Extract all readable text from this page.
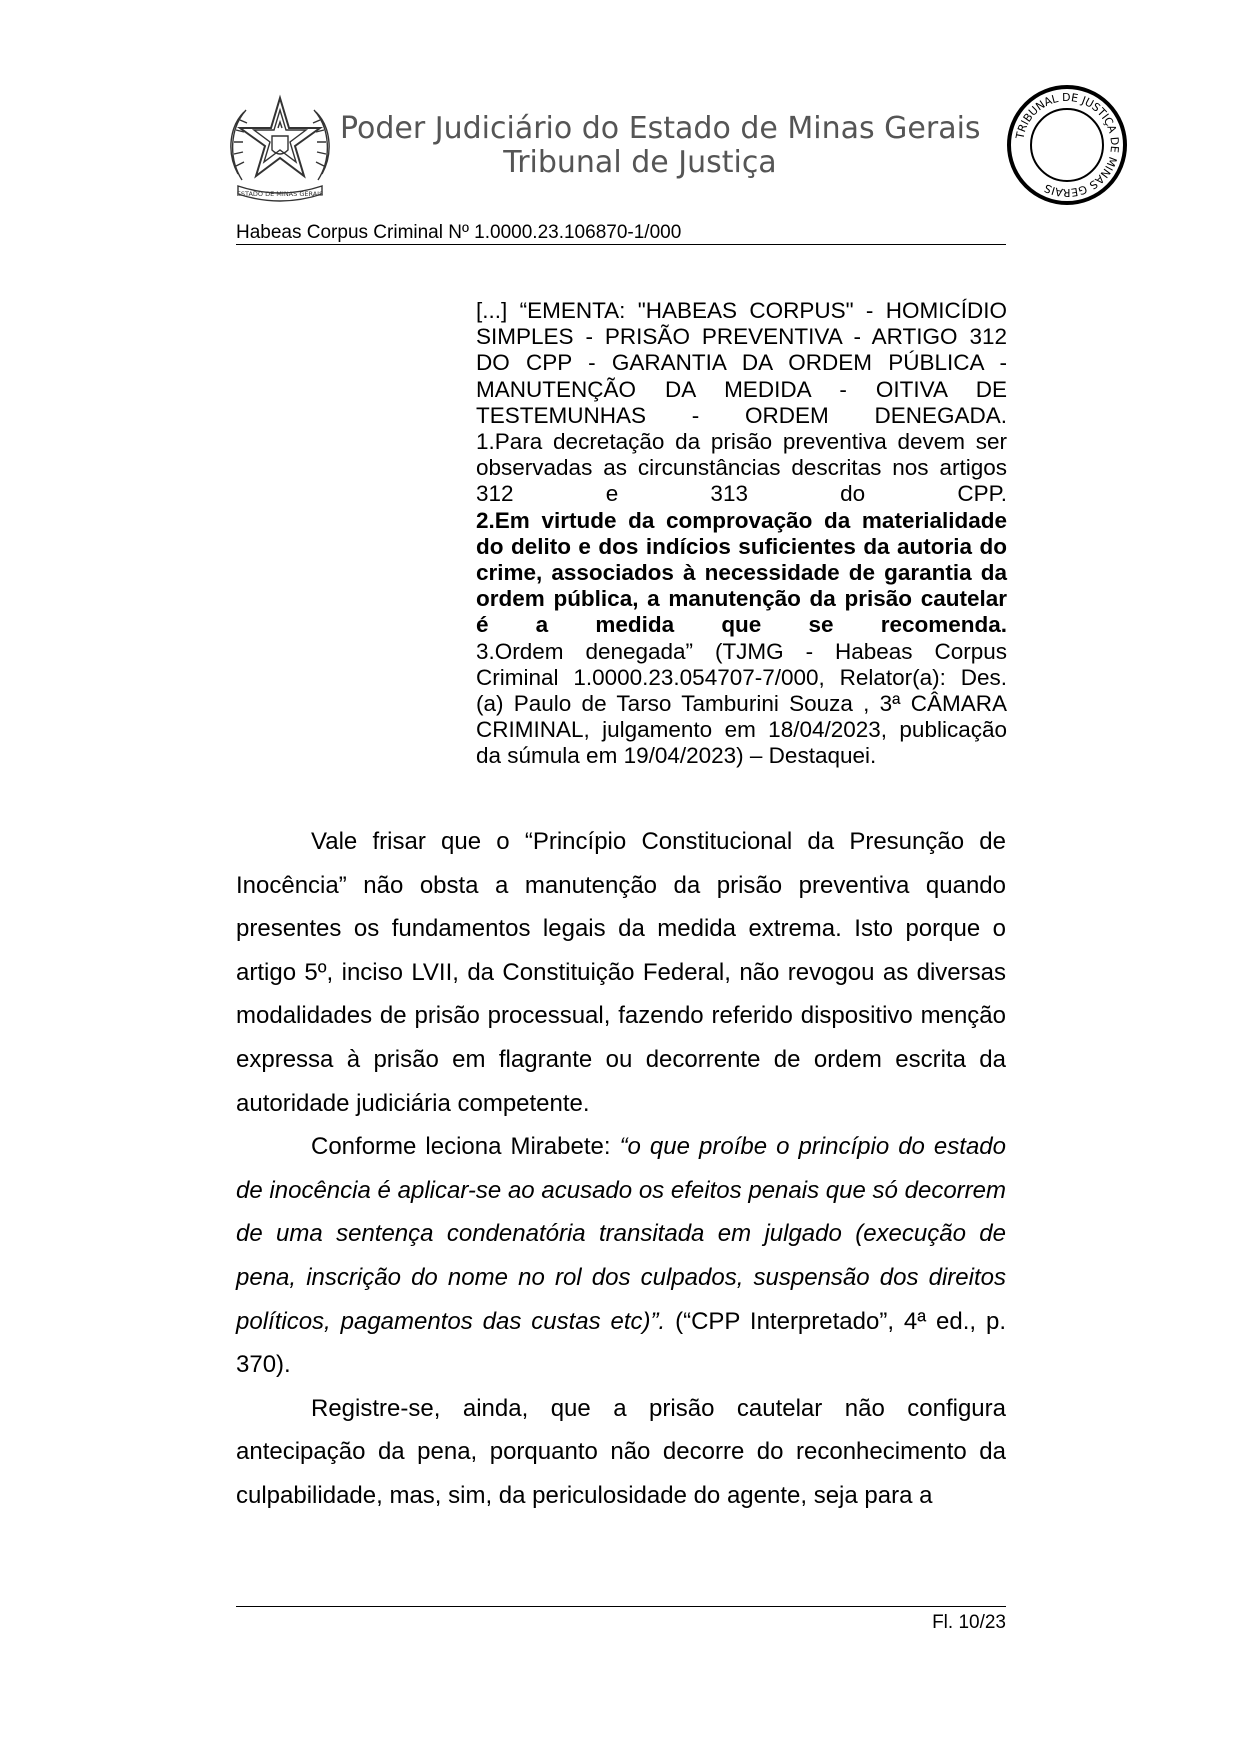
ESTADO DE MINAS GERAIS
Poder Judiciário do Estado de Minas Gerais
Tribunal de Justiça
TRIBUNAL DE JUSTIÇA DE MINAS GERAIS
Habeas Corpus Criminal Nº 1.0000.23.106870-1/000

[...] “EMENTA: "HABEAS CORPUS" - HOMICÍDIO SIMPLES - PRISÃO PREVENTIVA - ARTIGO 312 DO CPP - GARANTIA DA ORDEM PÚBLICA - MANUTENÇÃO DA MEDIDA - OITIVA DE TESTEMUNHAS - ORDEM DENEGADA.

1.Para decretação da prisão preventiva devem ser observadas as circunstâncias descritas nos artigos 312 e 313 do CPP.

2.Em virtude da comprovação da materialidade do delito e dos indícios suficientes da autoria do crime, associados à necessidade de garantia da ordem pública, a manutenção da prisão cautelar é a medida que se recomenda.

3.Ordem denegada” (TJMG - Habeas Corpus Criminal 1.0000.23.054707-7/000, Relator(a): Des.(a) Paulo de Tarso Tamburini Souza , 3ª CÂMARA CRIMINAL, julgamento em 18/04/2023, publicação da súmula em 19/04/2023) – Destaquei.

Vale frisar que o “Princípio Constitucional da Presunção de Inocência” não obsta a manutenção da prisão preventiva quando presentes os fundamentos legais da medida extrema. Isto porque o artigo 5º, inciso LVII, da Constituição Federal, não revogou as diversas modalidades de prisão processual, fazendo referido dispositivo menção expressa à prisão em flagrante ou decorrente de ordem escrita da autoridade judiciária competente.

Conforme leciona Mirabete: “o que proíbe o princípio do estado de inocência é aplicar-se ao acusado os efeitos penais que só decorrem de uma sentença condenatória transitada em julgado (execução de pena, inscrição do nome no rol dos culpados, suspensão dos direitos políticos, pagamentos das custas etc)”. (“CPP Interpretado”, 4ª ed., p. 370).

Registre-se, ainda, que a prisão cautelar não configura antecipação da pena, porquanto não decorre do reconhecimento da culpabilidade, mas, sim, da periculosidade do agente, seja para a

Fl. 10/23
